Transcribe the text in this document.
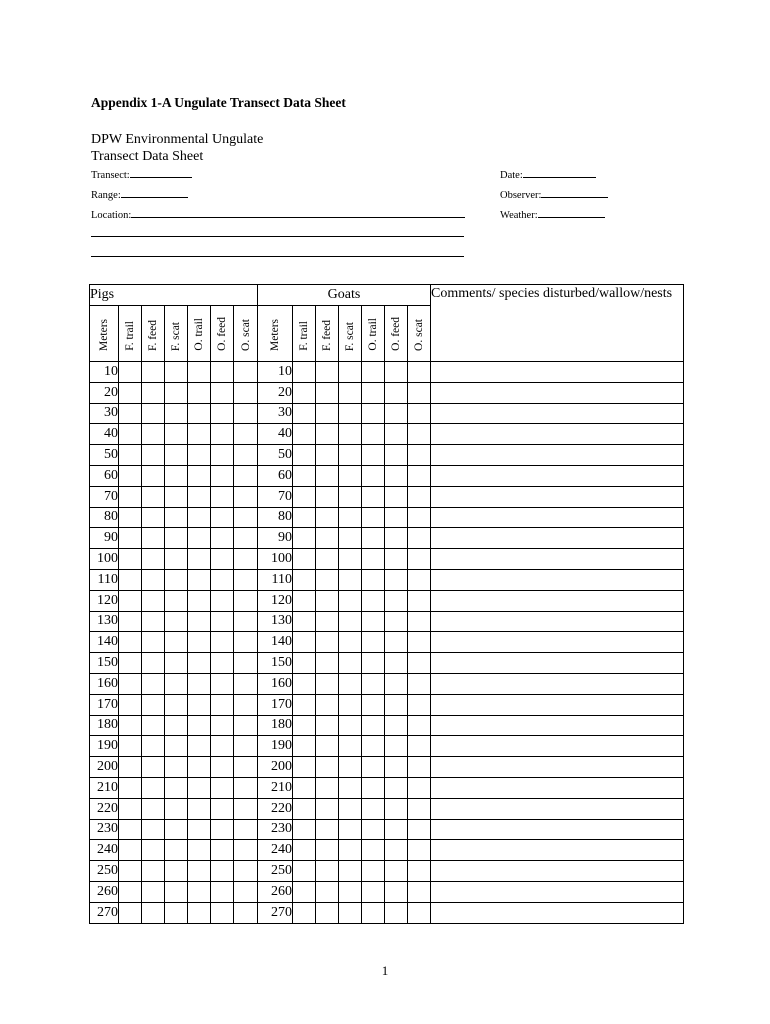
Appendix 1-A Ungulate Transect Data Sheet
DPW Environmental Ungulate
Transect Data Sheet
Transect:
Range:
Location:
Date:
Observer:
Weather:
Pigs							Goats							Comments/ species disturbed/wallow/nests
Meters	F. trail	F. feed	F. scat	O. trail	O. feed	O. scat	Meters	F. trail	F. feed	F. scat	O. trail	O. feed	O. scat	
10							10							
20							20							
30							30							
40							40							
50							50							
60							60							
70							70							
80							80							
90							90							
100							100							
110							110							
120							120							
130							130							
140							140							
150							150							
160							160							
170							170							
180							180							
190							190							
200							200							
210							210							
220							220							
230							230							
240							240							
250							250							
260							260							
270							270							
1
